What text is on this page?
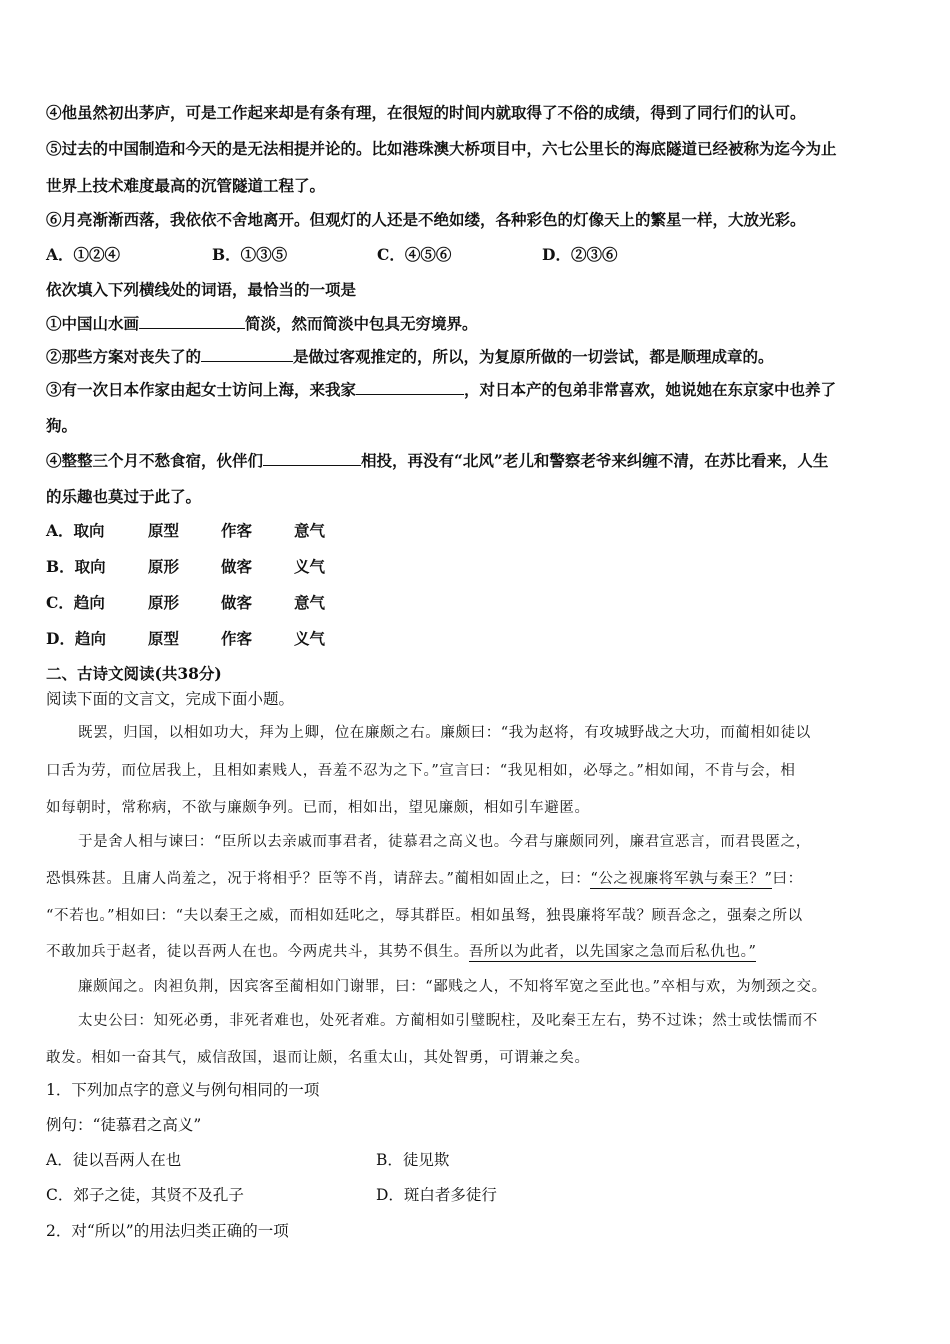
④他虽然初出茅庐，可是工作起来却是有条有理，在很短的时间内就取得了不俗的成绩，得到了同行们的认可。
⑤过去的中国制造和今天的是无法相提并论的。比如港珠澳大桥项目中，六七公里长的海底隧道已经被称为迄今为止
世界上技术难度最高的沉管隧道工程了。
⑥月亮渐渐西落，我依依不舍地离开。但观灯的人还是不绝如缕，各种彩色的灯像天上的繁星一样，大放光彩。
A．①②④	B．①③⑤	C．④⑤⑥	D．②③⑥
依次填入下列横线处的词语，最恰当的一项是
①中国山水画	简淡，然而简淡中包具无穷境界。
②那些方案对丧失了的	是做过客观推定的，所以，为复原所做的一切尝试，都是顺理成章的。
③有一次日本作家由起女士访问上海，来我家	，对日本产的包弟非常喜欢，她说她在东京家中也养了
狗。
④整整三个月不愁食宿，伙伴们	相投，再没有“北风”老儿和警察老爷来纠缠不清，在苏比看来，人生
的乐趣也莫过于此了。
A．取向	原型	作客	意气
B．取向	原形	做客	义气
C．趋向	原形	做客	意气
D．趋向	原型	作客	义气
二、古诗文阅读(共38分)
阅读下面的文言文，完成下面小题。
既罢，归国，以相如功大，拜为上卿，位在廉颇之右。廉颇曰：“我为赵将，有攻城野战之大功，而蔺相如徒以
口舌为劳，而位居我上，且相如素贱人，吾羞不忍为之下。”宣言曰：“我见相如，必辱之。”相如闻，不肯与会，相
如每朝时，常称病，不欲与廉颇争列。已而，相如出，望见廉颇，相如引车避匿。
于是舍人相与谏曰：“臣所以去亲戚而事君者，徒慕君之高义也。今君与廉颇同列，廉君宣恶言，而君畏匿之，
恐惧殊甚。且庸人尚羞之，况于将相乎？臣等不肖，请辞去。”蔺相如固止之，曰：“公之视廉将军孰与秦王？”曰：
“不若也。”相如曰：“夫以秦王之威，而相如廷叱之，辱其群臣。相如虽驽，独畏廉将军哉？顾吾念之，强秦之所以
不敢加兵于赵者，徒以吾两人在也。今两虎共斗，其势不俱生。吾所以为此者，以先国家之急而后私仇也。”
廉颇闻之。肉袒负荆，因宾客至蔺相如门谢罪，曰：“鄙贱之人，不知将军宽之至此也。”卒相与欢，为刎颈之交。
太史公曰：知死必勇，非死者难也，处死者难。方蔺相如引璧睨柱，及叱秦王左右，势不过诛；然士或怯懦而不
敢发。相如一奋其气，威信敌国，退而让颇，名重太山，其处智勇，可谓兼之矣。
1．下列加点字的意义与例句相同的一项
例句：“徒慕君之高义”
A．徒以吾两人在也	B．徒见欺
C．郊子之徒，其贤不及孔子	D．斑白者多徒行
2．对“所以”的用法归类正确的一项
